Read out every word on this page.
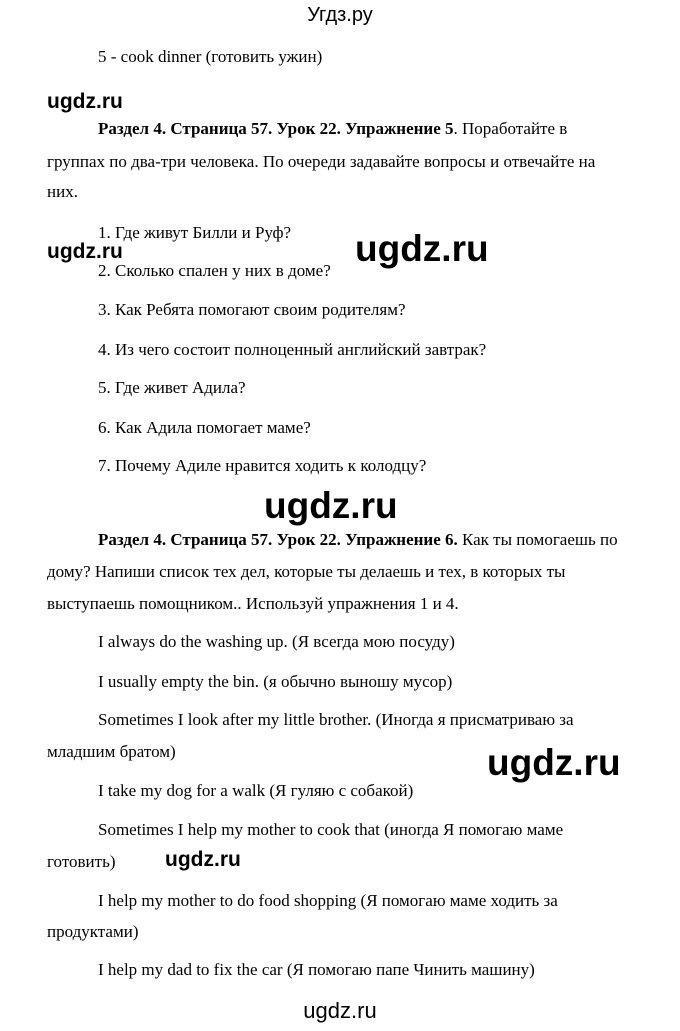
Угдз.ру
5 - cook dinner (готовить ужин)
ugdz.ru
Раздел 4. Страница 57. Урок 22. Упражнение 5. Поработайте в
группах по два-три человека. По очереди задавайте вопросы и отвечайте на
них.
1. Где живут Билли и Руф?
ugdz.ru	ugdz.ru
2. Сколько спален у них в доме?
3. Как Ребята помогают своим родителям?
4. Из чего состоит полноценный английский завтрак?
5. Где живет Адила?
6. Как Адила помогает маме?
7. Почему Адиле нравится ходить к колодцу?
ugdz.ru
Раздел 4. Страница 57. Урок 22. Упражнение 6. Как ты помогаешь по
дому? Напиши список тех дел, которые ты делаешь и тех, в которых ты
выступаешь помощником.. Используй упражнения 1 и 4.
I always do the washing up. (Я всегда мою посуду)
I usually empty the bin. (я обычно выношу мусор)
Sometimes I look after my little brother. (Иногда я присматриваю за
младшим братом)	ugdz.ru
I take my dog for a walk (Я гуляю с собакой)
Sometimes I help my mother to cook that (иногда Я помогаю маме
готовить) ugdz.ru
I help my mother to do food shopping (Я помогаю маме ходить за
продуктами)
I help my dad to fix the car (Я помогаю папе Чинить машину)
ugdz.ru
